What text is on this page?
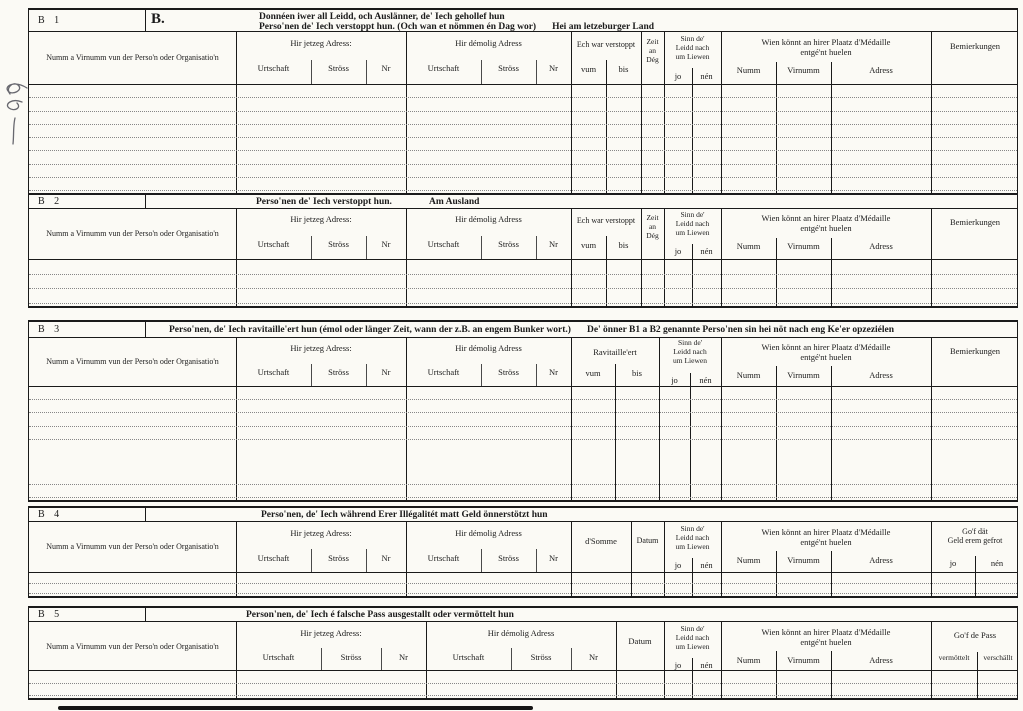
B 1	B.	Donnéen iwer all Leidd, och Auslänner, de' Iech gehollef hun
Perso'nen de' Iech verstoppt hun. (Och wan et nömmen én Dag wor) Hei am letzeburger Land
Numm a Virnumm vun der Perso'n oder Organisatio'n
Hir jetzeg Adress:
Urtschaft	Ströss	Nr
Hir démolig Adress
Urtschaft	Ströss	Nr
Ech war verstoppt
vum	bis
Zeit
an
Dég
Sinn de'
Leidd nach
um Liewen
jo	nén
Wien könnt an hirer Plaatz d'Médaille
entgé'nt huelen
Numm	Virnumm	Adress
Bemierkungen
B 2	Perso'nen de' Iech verstoppt hun.	Am Ausland
Numm a Virnumm vun der Perso'n oder Organisatio'n
Hir jetzeg Adress:
Urtschaft	Ströss	Nr
Hir démolig Adress
Urtschaft	Ströss	Nr
Ech war verstoppt
vum	bis
Zeit
an
Dég
Sinn de'
Leidd nach
um Liewen
jo	nén
Wien könnt an hirer Plaatz d'Médaille
entgé'nt huelen
Numm	Virnumm	Adress
Bemierkungen
B 3	Perso'nen, de' Iech ravitaille'ert hun (émol oder länger Zeit, wann der z.B. an engem Bunker wort.) De' önner B1 a B2 genannte Perso'nen sin hei nöt nach eng Ke'er opzeziélen
Numm a Virnumm vun der Perso'n oder Organisatio'n
Hir jetzeg Adress:
Urtschaft	Ströss	Nr
Hir démolig Adress
Urtschaft	Ströss	Nr
Ravitaille'ert
vum	bis
Sinn de'
Leidd nach
um Liewen
jo	nén
Wien könnt an hirer Plaatz d'Médaille
entgé'nt huelen
Numm	Virnumm	Adress
Bemierkungen
B 4	Perso'nen, de' Iech während Erer Illégalitét matt Geld önnerstötzt hun
Numm a Virnumm vun der Perso'n oder Organisatio'n
Hir jetzeg Adress:
Urtschaft	Ströss	Nr
Hir démolig Adress
Urtschaft	Ströss	Nr
d'Somme	Datum
Sinn de'
Leidd nach
um Liewen
jo	nén
Wien könnt an hirer Plaatz d'Médaille
entgé'nt huelen
Numm	Virnumm	Adress
Go'f dät
Geld erem gefrot
jo	nén
B 5	Person'nen, de' Iech é falsche Pass ausgestallt oder vermöttelt hun
Numm a Virnumm vun der Perso'n oder Organisatio'n
Hir jetzeg Adress:
Urtschaft	Ströss	Nr
Hir démolig Adress
Urtschaft	Ströss	Nr
Datum
Sinn de'
Leidd nach
um Liewen
jo	nén
Wien könnt an hirer Plaatz d'Médaille
entgé'nt huelen
Numm	Virnumm	Adress
Go'f de Pass
vermöttelt	verschällt
